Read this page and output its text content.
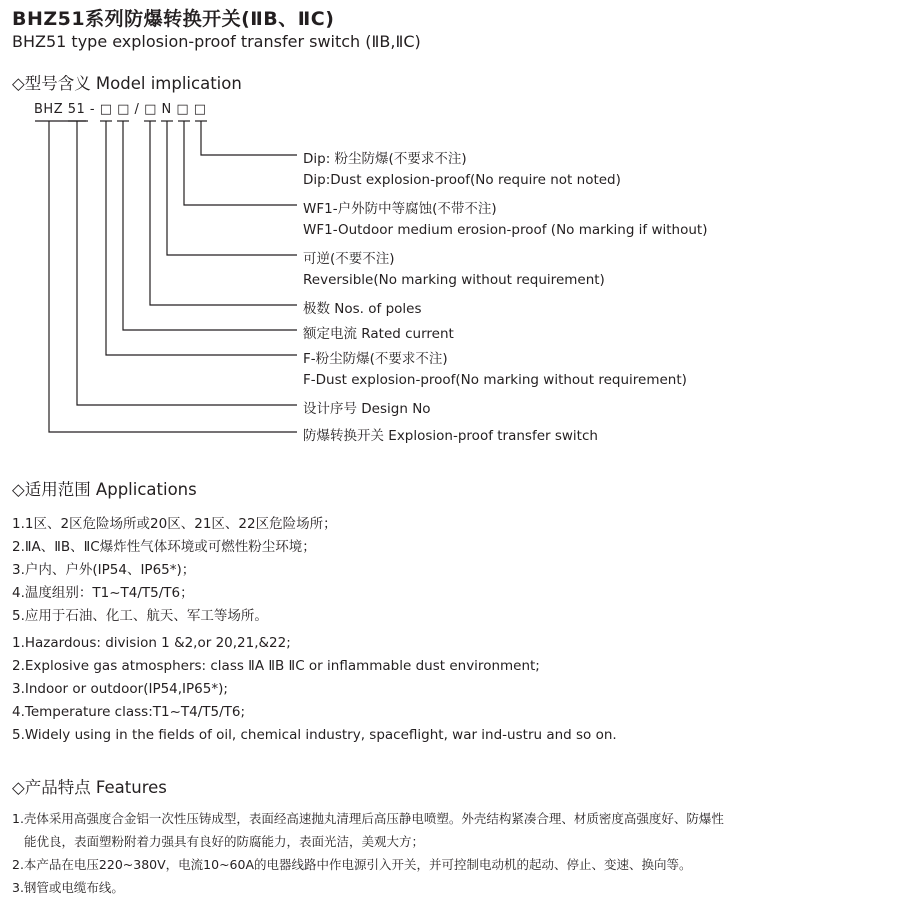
BHZ51系列防爆转换开关(ⅡB、ⅡC)
BHZ51 type explosion-proof transfer switch (ⅡB,ⅡC)
◇型号含义 Model implication
BHZ 51 - □ □ / □ N □ □
Dip: 粉尘防爆(不要求不注)
Dip:Dust explosion-proof(No require not noted)
WF1-户外防中等腐蚀(不带不注)
WF1-Outdoor medium erosion-proof (No marking if without)
可逆(不要不注)
Reversible(No marking without requirement)
极数 Nos. of poles
额定电流 Rated current
F-粉尘防爆(不要求不注)
F-Dust explosion-proof(No marking without requirement)
设计序号 Design No
防爆转换开关 Explosion-proof transfer switch
◇适用范围 Applications
1.1区、2区危险场所或20区、21区、22区危险场所；
2.ⅡA、ⅡB、ⅡC爆炸性气体环境或可燃性粉尘环境；
3.户内、户外(IP54、IP65*)；
4.温度组别：T1~T4/T5/T6；
5.应用于石油、化工、航天、军工等场所。
1.Hazardous: division 1 &2,or 20,21,&22;
2.Explosive gas atmosphers: class ⅡA ⅡB ⅡC or inflammable dust environment;
3.Indoor or outdoor(IP54,IP65*);
4.Temperature class:T1~T4/T5/T6;
5.Widely using in the fields of oil, chemical industry, spaceflight, war ind-ustru and so on.
◇产品特点 Features
1.壳体采用高强度合金铝一次性压铸成型，表面经高速抛丸清理后高压静电喷塑。外壳结构紧凑合理、材质密度高强度好、防爆性
能优良，表面塑粉附着力强具有良好的防腐能力，表面光洁，美观大方；
2.本产品在电压220~380V，电流10~60A的电器线路中作电源引入开关，并可控制电动机的起动、停止、变速、换向等。
3.钢管或电缆布线。
